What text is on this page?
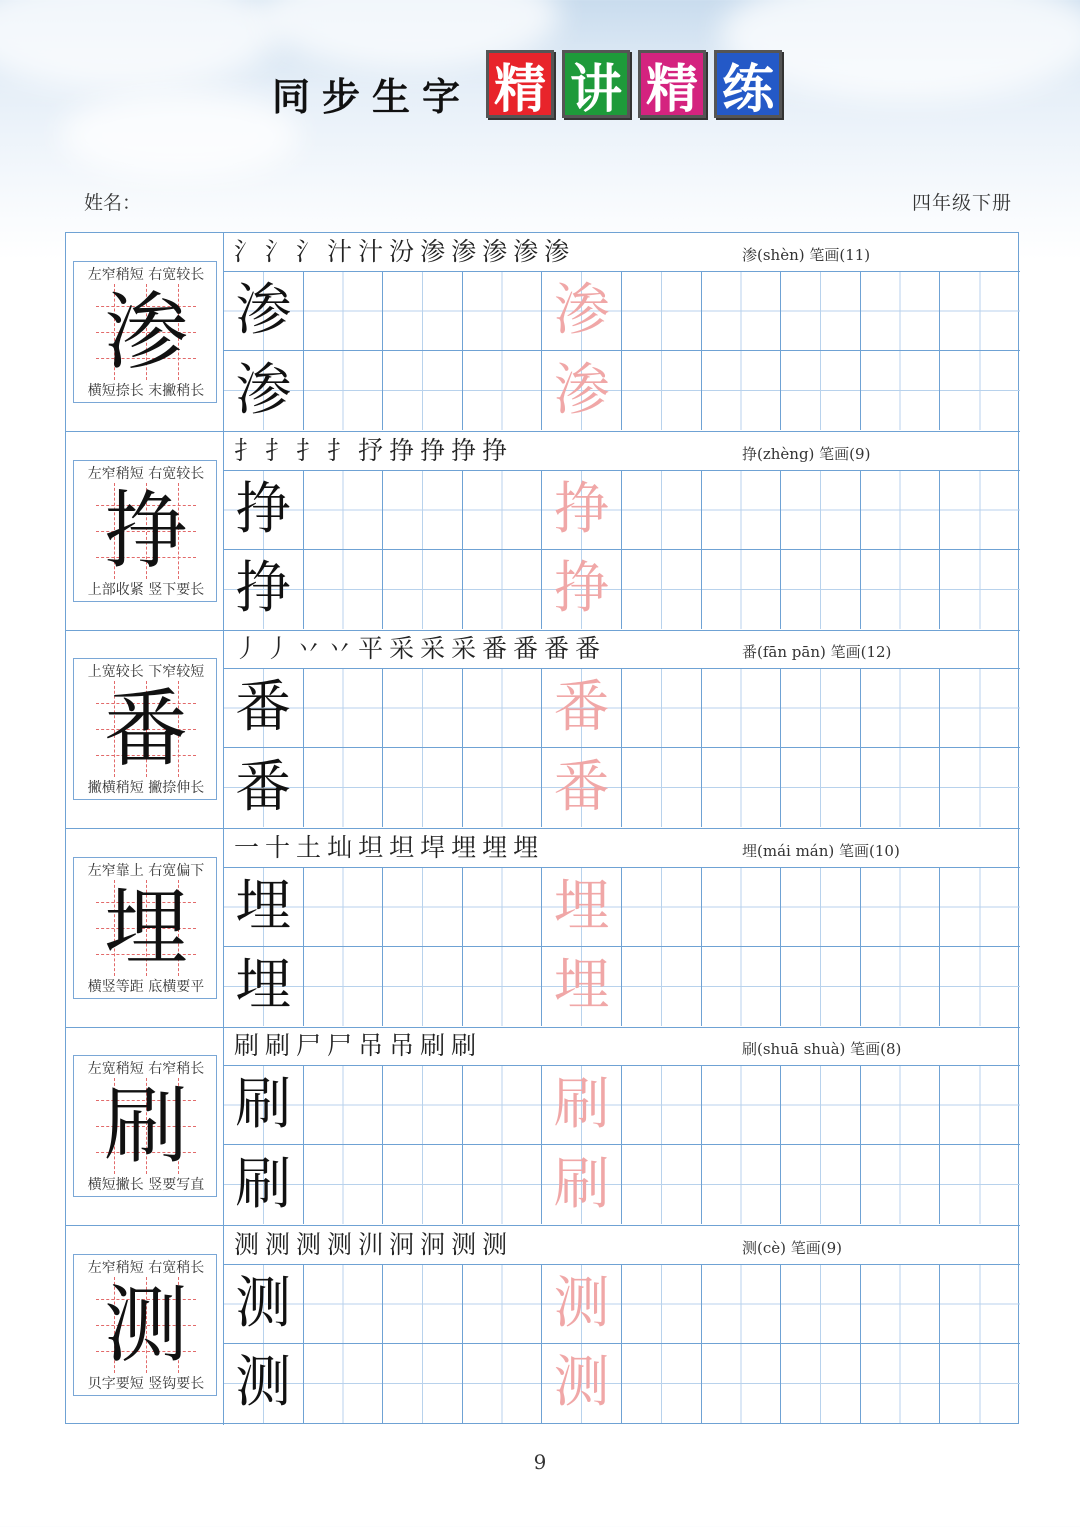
同步生字 精 讲 精 练
姓名：	四年级下册
左窄稍短 右宽较长
渗
横短捺长 末撇稍长
氵 氵 氵 汁 汁 汾 渗 渗 渗 渗 渗	渗(shèn) 笔画(11)
渗	渗
渗	渗
左窄稍短 右宽较长
挣
上部收紧 竖下要长
扌 扌 扌 扌 抒 挣 挣 挣 挣	挣(zhèng) 笔画(9)
挣	挣
挣	挣
上宽较长 下窄较短
番
撇横稍短 撇捺伸长
丿 丿 丷 丷 平 采 采 采 番 番 番 番	番(fān pān) 笔画(12)
番	番
番	番
左窄靠上 右宽偏下
埋
横竖等距 底横要平
一 十 土 圸 坦 坦 垾 埋 埋 埋	埋(mái mán) 笔画(10)
埋	埋
埋	埋
左宽稍短 右窄稍长
刷
横短撇长 竖要写直
刷 刷 尸 尸 吊 吊 刷 刷	刷(shuā shuà) 笔画(8)
刷	刷
刷	刷
左窄稍短 右宽稍长
测
贝字要短 竖钩要长
测 测 测 测 汌 泂 泂 测 测	测(cè) 笔画(9)
测	测
测	测
9
